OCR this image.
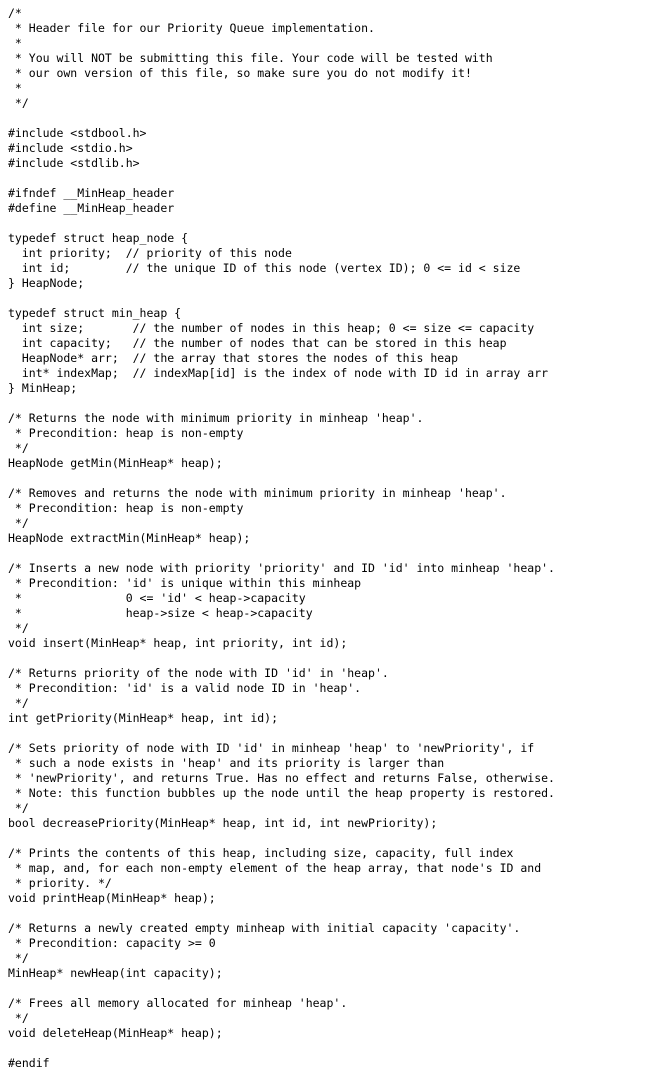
/*
* Header file for our Priority Queue implementation.
*
* You will NOT be submitting this file. Your code will be tested with
* our own version of this file, so make sure you do not modify it!
*
*/
#include <stdbool.h>
#include <stdio.h>
#include <stdlib.h>
#ifndef __MinHeap_header
#define __MinHeap_header
typedef struct heap_node {
int priority;  // priority of this node
int id;        // the unique ID of this node (vertex ID); 0 <= id < size
} HeapNode;
typedef struct min_heap {
int size;       // the number of nodes in this heap; 0 <= size <= capacity
int capacity;   // the number of nodes that can be stored in this heap
HeapNode* arr;  // the array that stores the nodes of this heap
int* indexMap;  // indexMap[id] is the index of node with ID id in array arr
} MinHeap;
/* Returns the node with minimum priority in minheap 'heap'.
* Precondition: heap is non-empty
*/
HeapNode getMin(MinHeap* heap);
/* Removes and returns the node with minimum priority in minheap 'heap'.
* Precondition: heap is non-empty
*/
HeapNode extractMin(MinHeap* heap);
/* Inserts a new node with priority 'priority' and ID 'id' into minheap 'heap'.
* Precondition: 'id' is unique within this minheap
*               0 <= 'id' < heap->capacity
*               heap->size < heap->capacity
*/
void insert(MinHeap* heap, int priority, int id);
/* Returns priority of the node with ID 'id' in 'heap'.
* Precondition: 'id' is a valid node ID in 'heap'.
*/
int getPriority(MinHeap* heap, int id);
/* Sets priority of node with ID 'id' in minheap 'heap' to 'newPriority', if
* such a node exists in 'heap' and its priority is larger than
* 'newPriority', and returns True. Has no effect and returns False, otherwise.
* Note: this function bubbles up the node until the heap property is restored.
*/
bool decreasePriority(MinHeap* heap, int id, int newPriority);
/* Prints the contents of this heap, including size, capacity, full index
* map, and, for each non-empty element of the heap array, that node's ID and
* priority. */
void printHeap(MinHeap* heap);
/* Returns a newly created empty minheap with initial capacity 'capacity'.
* Precondition: capacity >= 0
*/
MinHeap* newHeap(int capacity);
/* Frees all memory allocated for minheap 'heap'.
*/
void deleteHeap(MinHeap* heap);
#endif
